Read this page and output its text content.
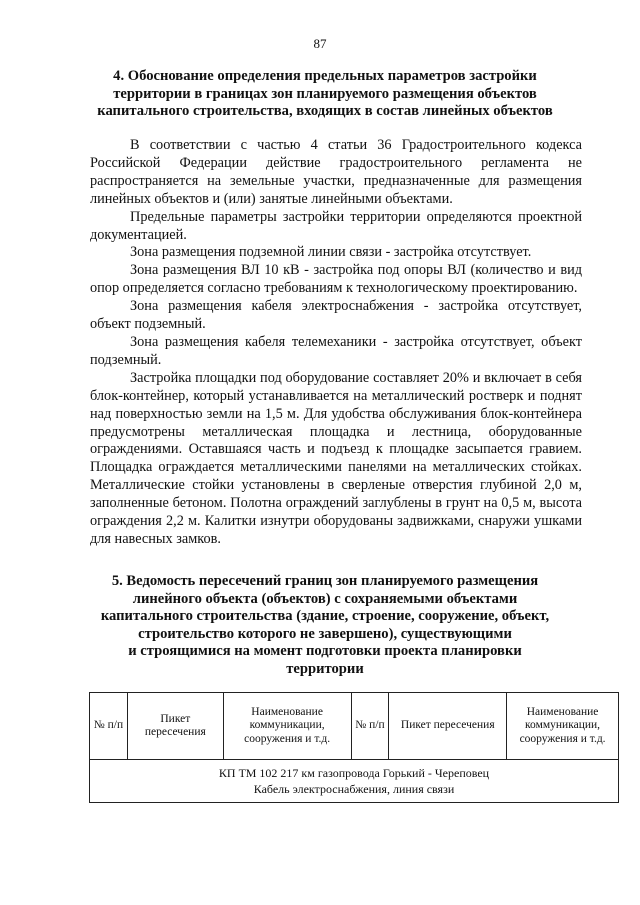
87
4. Обоснование определения предельных параметров застройки
территории в границах зон планируемого размещения объектов
капитального строительства, входящих в состав линейных объектов

В соответствии с частью 4 статьи 36 Градостроительного кодекса Российской Федерации действие градостроительного регламента не распространяется на земельные участки, предназначенные для размещения линейных объектов и (или) занятые линейными объектами.

Предельные параметры застройки территории определяются проектной документацией.

Зона размещения подземной линии связи - застройка отсутствует.

Зона размещения ВЛ 10 кВ - застройка под опоры ВЛ (количество и вид опор определяется согласно требованиям к технологическому проектированию.

Зона размещения кабеля электроснабжения - застройка отсутствует, объект подземный.

Зона размещения кабеля телемеханики - застройка отсутствует, объект подземный.

Застройка площадки под оборудование составляет 20% и включает в себя блок-контейнер, который устанавливается на металлический ростверк и поднят над поверхностью земли на 1,5 м. Для удобства обслуживания блок-контейнера предусмотрены металлическая площадка и лестница, оборудованные ограждениями. Оставшаяся часть и подъезд к площадке засыпается гравием. Площадка ограждается металлическими панелями на металлических стойках. Металлические стойки установлены в сверленые отверстия глубиной 2,0 м, заполненные бетоном. Полотна ограждений заглублены в грунт на 0,5 м, высота ограждения 2,2 м. Калитки изнутри оборудованы задвижками, снаружи ушками для навесных замков.

5. Ведомость пересечений границ зон планируемого размещения
линейного объекта (объектов) с сохраняемыми объектами
капитального строительства (здание, строение, сооружение, объект,
строительство которого не завершено), существующими
и строящимися на момент подготовки проекта планировки
территории
№ п/п	Пикет пересечения	Наименование коммуникации, сооружения и т.д.	№ п/п	Пикет пересечения	Наименование коммуникации, сооружения и т.д.

КП ТМ 102 217 км газопровода Горький - Череповец
Кабель электроснабжения, линия связи
